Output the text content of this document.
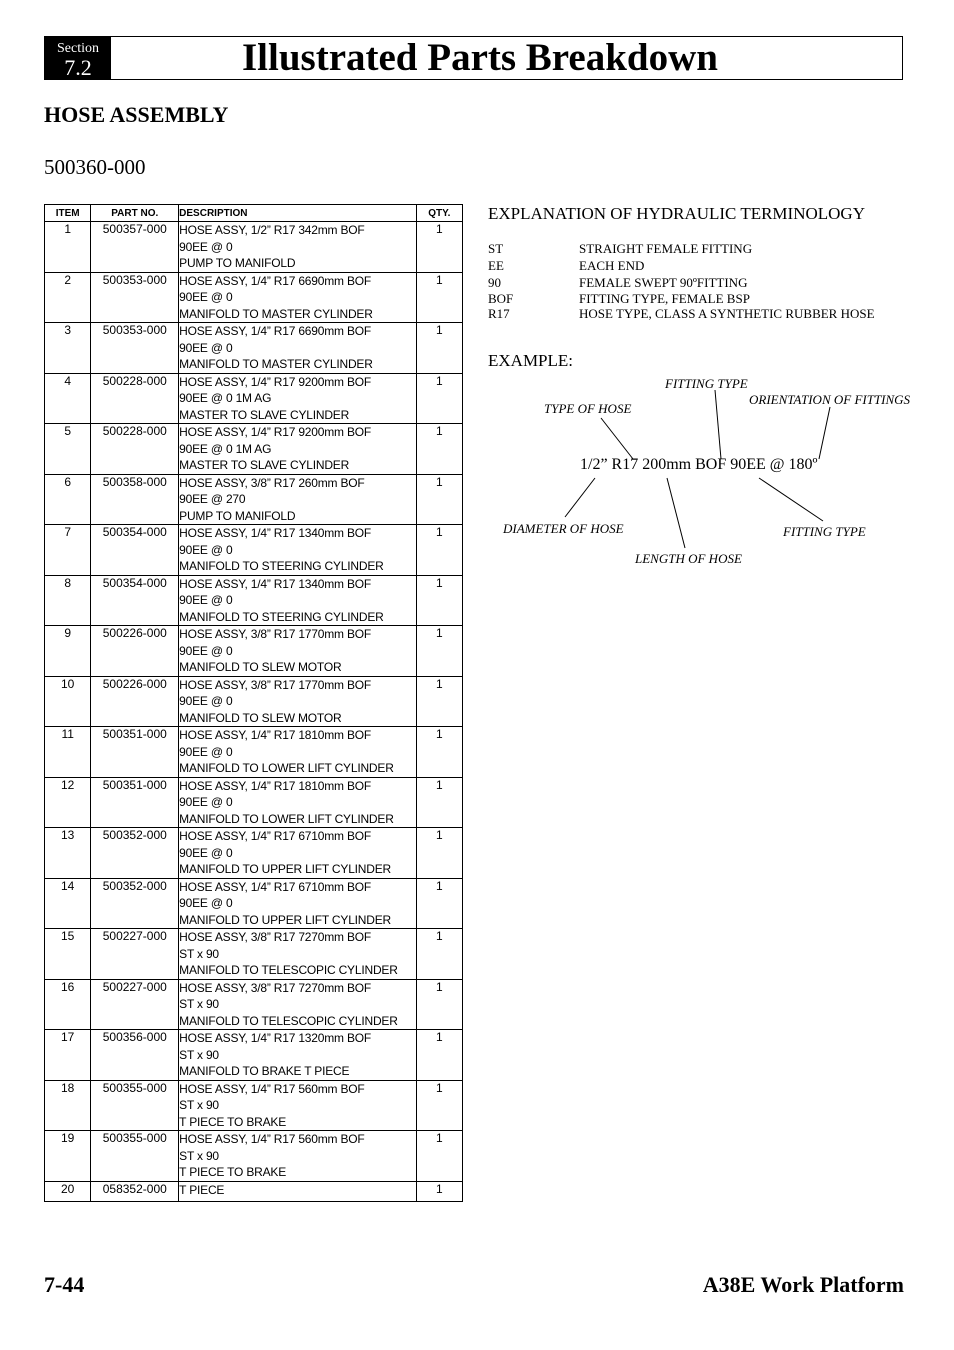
Section
7.2	Illustrated Parts Breakdown
HOSE ASSEMBLY
500360-000
ITEM	PART NO.	DESCRIPTION	QTY.
1	500357-000	HOSE ASSY, 1/2” R17 342mm BOF
90EE @ 0
PUMP TO MANIFOLD	1
2	500353-000	HOSE ASSY, 1/4” R17 6690mm BOF
90EE @ 0
MANIFOLD TO MASTER CYLINDER	1
3	500353-000	HOSE ASSY, 1/4” R17 6690mm BOF
90EE @ 0
MANIFOLD TO MASTER CYLINDER	1
4	500228-000	HOSE ASSY, 1/4” R17 9200mm BOF
90EE @ 0 1M AG
MASTER TO SLAVE CYLINDER	1
5	500228-000	HOSE ASSY, 1/4” R17 9200mm BOF
90EE @ 0 1M AG
MASTER TO SLAVE CYLINDER	1
6	500358-000	HOSE ASSY, 3/8” R17 260mm BOF
90EE @ 270
PUMP TO MANIFOLD	1
7	500354-000	HOSE ASSY, 1/4” R17 1340mm BOF
90EE @ 0
MANIFOLD TO STEERING CYLINDER	1
8	500354-000	HOSE ASSY, 1/4” R17 1340mm BOF
90EE @ 0
MANIFOLD TO STEERING CYLINDER	1
9	500226-000	HOSE ASSY, 3/8” R17 1770mm BOF
90EE @ 0
MANIFOLD TO SLEW MOTOR	1
10	500226-000	HOSE ASSY, 3/8” R17 1770mm BOF
90EE @ 0
MANIFOLD TO SLEW MOTOR	1
11	500351-000	HOSE ASSY, 1/4” R17 1810mm BOF
90EE @ 0
MANIFOLD TO LOWER LIFT CYLINDER	1
12	500351-000	HOSE ASSY, 1/4” R17 1810mm BOF
90EE @ 0
MANIFOLD TO LOWER LIFT CYLINDER	1
13	500352-000	HOSE ASSY, 1/4” R17 6710mm BOF
90EE @ 0
MANIFOLD TO UPPER LIFT CYLINDER	1
14	500352-000	HOSE ASSY, 1/4” R17 6710mm BOF
90EE @ 0
MANIFOLD TO UPPER LIFT CYLINDER	1
15	500227-000	HOSE ASSY, 3/8” R17 7270mm BOF
ST x 90
MANIFOLD TO TELESCOPIC CYLINDER	1
16	500227-000	HOSE ASSY, 3/8” R17 7270mm BOF
ST x 90
MANIFOLD TO TELESCOPIC CYLINDER	1
17	500356-000	HOSE ASSY, 1/4” R17 1320mm BOF
ST x 90
MANIFOLD TO BRAKE T PIECE	1
18	500355-000	HOSE ASSY, 1/4” R17 560mm BOF
ST x 90
T PIECE TO BRAKE	1
19	500355-000	HOSE ASSY, 1/4” R17 560mm BOF
ST x 90
T PIECE TO BRAKE	1
20	058352-000	T PIECE	1
EXPLANATION OF HYDRAULIC TERMINOLOGY
ST	STRAIGHT FEMALE FITTING
EE	EACH END
90	FEMALE SWEPT 90ºFITTING
BOF	FITTING TYPE, FEMALE BSP
R17	HOSE TYPE, CLASS A SYNTHETIC RUBBER HOSE
EXAMPLE:
FITTING TYPE
ORIENTATION OF FITTINGS
TYPE OF HOSE
DIAMETER OF HOSE
LENGTH OF HOSE
FITTING TYPE
1/2” R17 200mm BOF 90EE @ 180º
7-44	A38E Work Platform
